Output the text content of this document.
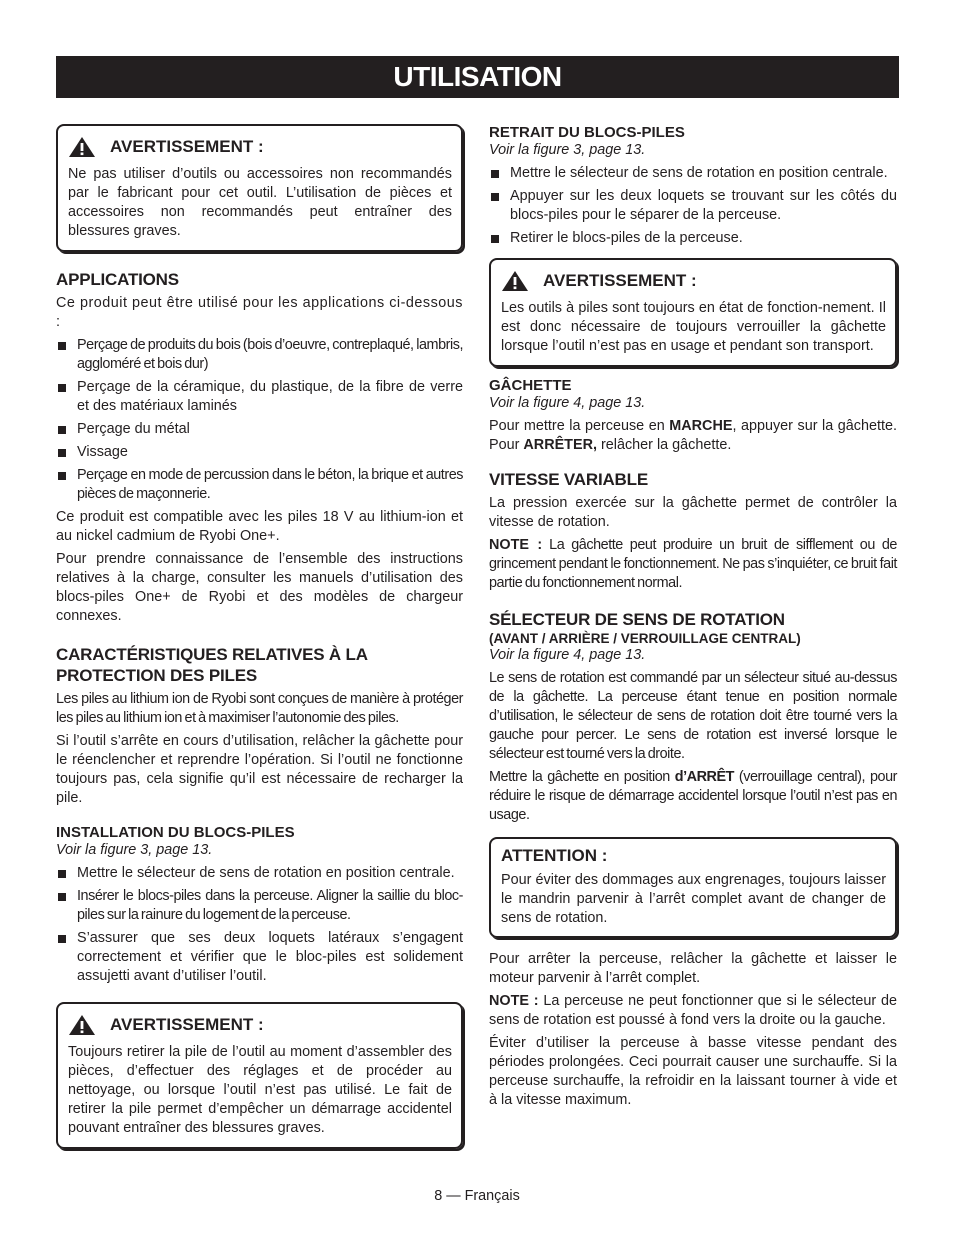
UTILISATION
AVERTISSEMENT :

Ne pas utiliser d’outils ou accessoires non recommandés par le fabricant pour cet outil. L’utilisation de pièces et accessoires non recommandés peut entraîner des blessures graves.

APPLICATIONS

Ce produit peut être utilisé pour les applications ci-dessous :

Perçage de produits du bois (bois d’oeuvre, contreplaqué, lambris, aggloméré et bois dur)
Perçage de la céramique, du plastique, de la fibre de verre et des matériaux laminés
Perçage du métal
Vissage
Perçage en mode de percussion dans le béton, la brique et autres pièces de maçonnerie.

Ce produit est compatible avec les piles 18 V au lithium-ion et au nickel cadmium de Ryobi One+.

Pour prendre connaissance de l’ensemble des instructions relatives à la charge, consulter les manuels d’utilisation des blocs-piles One+ de Ryobi et des modèles de chargeur connexes.

CARACTÉRISTIQUES RELATIVES À LA PROTECTION DES PILES

Les piles au lithium ion de Ryobi sont conçues de manière à protéger les piles au lithium ion et à maximiser l’autonomie des piles.

Si l’outil s’arrête en cours d’utilisation, relâcher la gâchette pour le réenclencher et reprendre l’opération. Si l’outil ne fonctionne toujours pas, cela signifie qu’il est nécessaire de recharger la pile.

INSTALLATION DU BLOCS-PILES
Voir la figure 3, page 13.
Mettre le sélecteur de sens de rotation en position centrale.
Insérer le blocs-piles dans la perceuse. Aligner la saillie du bloc-piles sur la rainure du logement de la perceuse.
S’assurer que ses deux loquets latéraux s’engagent correctement et vérifier que le bloc-piles est solidement assujetti avant d’utiliser l’outil.
AVERTISSEMENT :

Toujours retirer la pile de l’outil au moment d’assembler des pièces, d’effectuer des réglages et de procéder au nettoyage, ou lorsque l’outil n’est pas utilisé. Le fait de retirer la pile permet d’empêcher un démarrage accidentel pouvant entraîner des blessures graves.

RETRAIT DU BLOCS-PILES
Voir la figure 3, page 13.
Mettre le sélecteur de sens de rotation en position centrale.
Appuyer sur les deux loquets se trouvant sur les côtés du blocs-piles pour le séparer de la perceuse.
Retirer le blocs-piles de la perceuse.
AVERTISSEMENT :

Les outils à piles sont toujours en état de fonction-nement. Il est donc nécessaire de toujours verrouiller la gâchette lorsque l’outil n’est pas en usage et pendant son transport.

GÂCHETTE
Voir la figure 4, page 13.

Pour mettre la perceuse en MARCHE, appuyer sur la gâchette. Pour ARRÊTER, relâcher la gâchette.

VITESSE VARIABLE

La pression exercée sur la gâchette permet de contrôler la vitesse de rotation.

NOTE : La gâchette peut produire un bruit de sifflement ou de grincement pendant le fonctionnement. Ne pas s’inquiéter, ce bruit fait partie du fonctionnement normal.

SÉLECTEUR DE SENS DE ROTATION
(AVANT / ARRIÈRE / VERROUILLAGE CENTRAL)
Voir la figure 4, page 13.

Le sens de rotation est commandé par un sélecteur situé au-dessus de la gâchette. La perceuse étant tenue en position normale d’utilisation, le sélecteur de sens de rotation doit être tourné vers la gauche pour percer. Le sens de rotation est inversé lorsque le sélecteur est tourné vers la droite.

Mettre la gâchette en position d’ARRÊT (verrouillage central), pour réduire le risque de démarrage accidentel lorsque l’outil n’est pas en usage.

ATTENTION :

Pour éviter des dommages aux engrenages, toujours laisser le mandrin parvenir à l’arrêt complet avant de changer de sens de rotation.

Pour arrêter la perceuse, relâcher la gâchette et laisser le moteur parvenir à l’arrêt complet.

NOTE : La perceuse ne peut fonctionner que si le sélecteur de sens de rotation est poussé à fond vers la droite ou la gauche.

Éviter d’utiliser la perceuse à basse vitesse pendant des périodes prolongées. Ceci pourrait causer une surchauffe. Si la perceuse surchauffe, la refroidir en la laissant tourner à vide et à la vitesse maximum.

8 — Français
